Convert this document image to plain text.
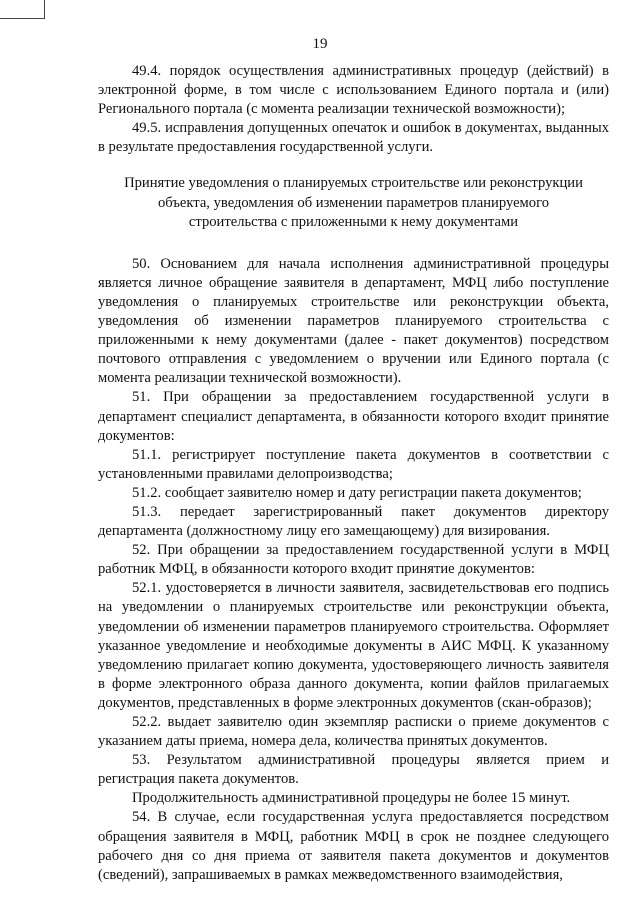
19

49.4. порядок осуществления административных процедур (действий) в электронной форме, в том числе с использованием Единого портала и (или) Регионального портала (с момента реализации технической возможности);

49.5. исправления допущенных опечаток и ошибок в документах, выданных в результате предоставления государственной услуги.

Принятие уведомления о планируемых строительстве или реконструкции объекта, уведомления об изменении параметров планируемого строительства с приложенными к нему документами

50. Основанием для начала исполнения административной процедуры является личное обращение заявителя в департамент, МФЦ либо поступление уведомления о планируемых строительстве или реконструкции объекта, уведомления об изменении параметров планируемого строительства с приложенными к нему документами (далее - пакет документов) посредством почтового отправления с уведомлением о вручении или Единого портала (с момента реализации технической возможности).

51. При обращении за предоставлением государственной услуги в департамент специалист департамента, в обязанности которого входит принятие документов:

51.1. регистрирует поступление пакета документов в соответствии с установленными правилами делопроизводства;

51.2. сообщает заявителю номер и дату регистрации пакета документов;

51.3. передает зарегистрированный пакет документов директору департамента (должностному лицу его замещающему) для визирования.

52. При обращении за предоставлением государственной услуги в МФЦ работник МФЦ, в обязанности которого входит принятие документов:

52.1. удостоверяется в личности заявителя, засвидетельствовав его подпись на уведомлении о планируемых строительстве или реконструкции объекта, уведомлении об изменении параметров планируемого строительства. Оформляет указанное уведомление и необходимые документы в АИС МФЦ. К указанному уведомлению прилагает копию документа, удостоверяющего личность заявителя в форме электронного образа данного документа, копии файлов прилагаемых документов, представленных в форме электронных документов (скан-образов);

52.2. выдает заявителю один экземпляр расписки о приеме документов с указанием даты приема, номера дела, количества принятых документов.

53. Результатом административной процедуры является прием и регистрация пакета документов.

Продолжительность административной процедуры не более 15 минут.

54. В случае, если государственная услуга предоставляется посредством обращения заявителя в МФЦ, работник МФЦ в срок не позднее следующего рабочего дня со дня приема от заявителя пакета документов и документов (сведений), запрашиваемых в рамках межведомственного взаимодействия,
